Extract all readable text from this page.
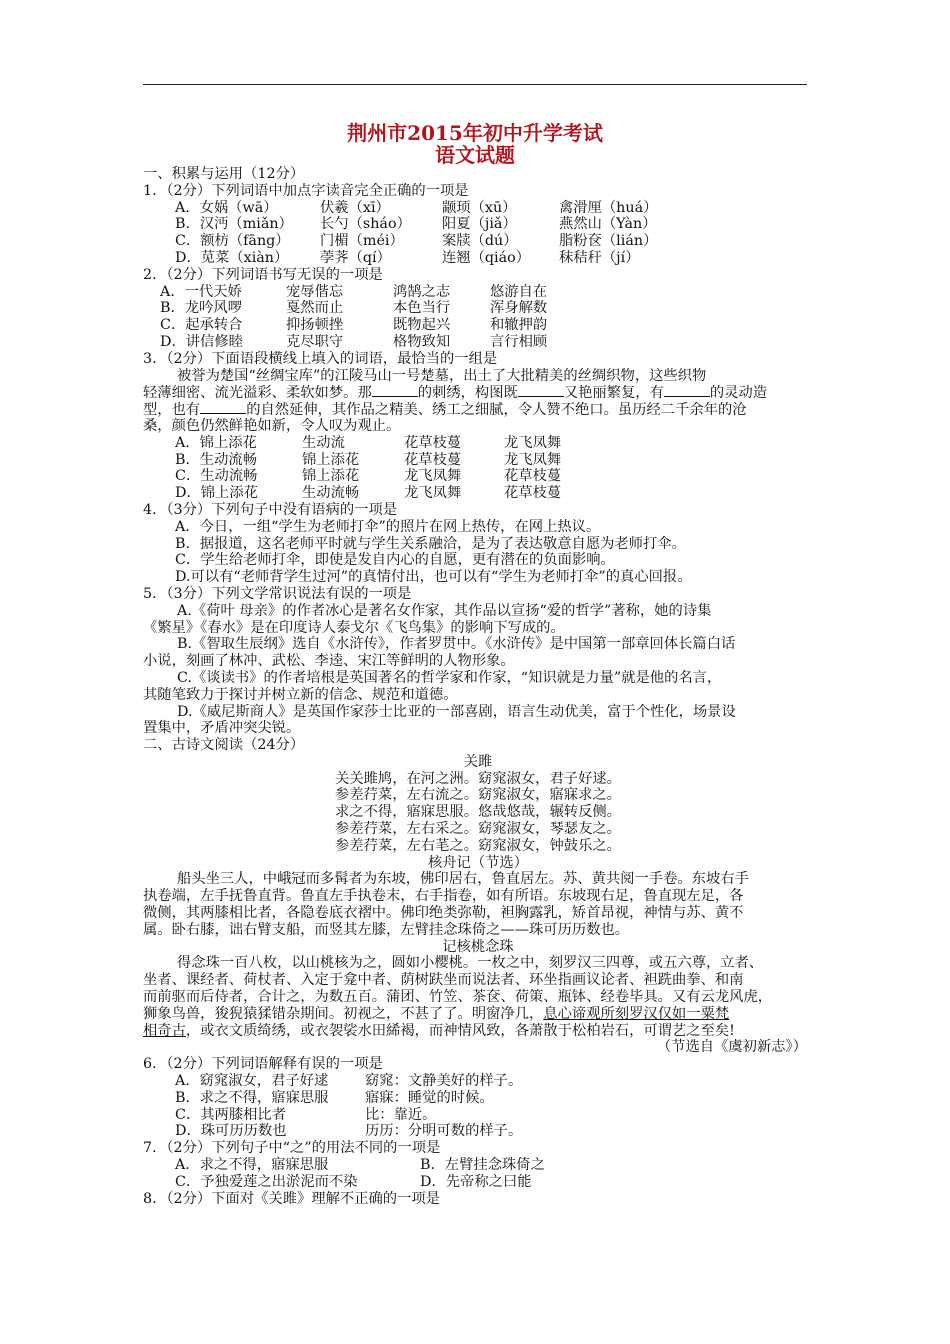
荆州市2015年初中升学考试
语文试题
一、积累与运用（12分）
1．（2分）下列词语中加点字读音完全正确的一项是
A．女娲（wā）	伏羲（xī）	颛顼（xū）	禽滑厘（huá）
B．汉沔（miǎn）	长勺（sháo）	阳夏（jiǎ）	燕然山（Yàn）
C．额枋（fāng）	门楣（méi）	案牍（dú）	脂粉奁（lián）
D．苋菜（xiàn）	荸荠（qí）	连翘（qiáo）	秣秸秆（jí）
2．（2分）下列词语书写无误的一项是
A．一代天娇	宠辱偕忘	鸿鹄之志	悠游自在
B．龙吟风啰	戛然而止	本色当行	浑身解数
C．起承转合	抑扬顿挫	既物起兴	和辙押韵
D．讲信修睦	克尽职守	格物致知	言行相顾
3．（2分）下面语段横线上填入的词语，最恰当的一组是
被誉为楚国“丝绸宝库”的江陵马山一号楚墓，出土了大批精美的丝绸织物，这些织物
轻薄细密、流光溢彩、柔软如梦。那	的刺绣，构图既	又艳丽繁复，有	的灵动造
型，也有	的自然延伸，其作品之精美、绣工之细腻，令人赞不绝口。虽历经二千余年的沧
桑，颜色仍然鲜艳如新，令人叹为观止。
A．锦上添花	生动流	花草枝蔓	龙飞凤舞
B．生动流畅	锦上添花	花草枝蔓	龙飞凤舞
C．生动流畅	锦上添花	龙飞凤舞	花草枝蔓
D．锦上添花	生动流畅	龙飞凤舞	花草枝蔓
4．（3分）下列句子中没有语病的一项是
A．今日，一组“学生为老师打伞”的照片在网上热传，在网上热议。
B．据报道，这名老师平时就与学生关系融洽，是为了表达敬意自愿为老师打伞。
C．学生给老师打伞，即使是发自内心的自愿，更有潜在的负面影响。
D.可以有“老师背学生过河”的真情付出，也可以有“学生为老师打伞”的真心回报。
5．（3分）下列文学常识说法有误的一项是
A.《荷叶 母亲》的作者冰心是著名女作家，其作品以宣扬“爱的哲学”著称，她的诗集
《繁星》《春水》是在印度诗人泰戈尔《飞鸟集》的影响下写成的。
B.《智取生辰纲》选自《水浒传》，作者罗贯中。《水浒传》是中国第一部章回体长篇白话
小说，刻画了林冲、武松、李逵、宋江等鲜明的人物形象。
C.《谈读书》的作者培根是英国著名的哲学家和作家，“知识就是力量”就是他的名言，
其随笔致力于探讨并树立新的信念、规范和道德。
D.《威尼斯商人》是英国作家莎士比亚的一部喜剧，语言生动优美，富于个性化，场景设
置集中，矛盾冲突尖锐。
二、古诗文阅读（24分）
关雎
关关雎鸠，在河之洲。窈窕淑女，君子好逑。
参差荇菜，左右流之。窈窕淑女，寤寐求之。
求之不得，寤寐思服。悠哉悠哉，辗转反侧。
参差荇菜，左右采之。窈窕淑女，琴瑟友之。
参差荇菜，左右芼之。窈窕淑女，钟鼓乐之。
核舟记（节选）
船头坐三人，中峨冠而多髯者为东坡，佛印居右，鲁直居左。苏、黄共阅一手卷。东坡右手
执卷端，左手抚鲁直背。鲁直左手执卷末，右手指卷，如有所语。东坡现右足，鲁直现左足，各
微侧，其两膝相比者，各隐卷底衣褶中。佛印绝类弥勒，袒胸露乳，矫首昂视，神情与苏、黄不
属。卧右膝，诎右臂支船，而竖其左膝，左臂挂念珠倚之——珠可历历数也。
记核桃念珠
得念珠一百八枚，以山桃核为之，圆如小樱桃。一枚之中，刻罗汉三四尊，或五六尊，立者、
坐者、课经者、荷杖者、入定于龛中者、荫树趺坐而说法者、环坐指画议论者、袒跣曲拳、和南
而前驱而后侍者，合计之，为数五百。蒲团、竹笠、茶奁、荷策、瓶钵、经卷毕具。又有云龙风虎，
狮象鸟兽，狻猊猿猱错杂期间。初视之，不甚了了。明窗净几，息心谛观所刻罗汉仅如一粟梵
相奇古，或衣文质绮绣，或衣袈裟水田絺褐，而神情风致，各萧散于松柏岩石，可谓艺之至矣!
（节选自《虞初新志》）
6．（2分）下列词语解释有误的一项是
A．窈窕淑女，君子好逑	窈窕：文静美好的样子。
B．求之不得，寤寐思服	寤寐：睡觉的时候。
C．其两膝相比者	比：靠近。
D．珠可历历数也	历历：分明可数的样子。
7．（2分）下列句子中“之”的用法不同的一项是
A．求之不得，寤寐思服	B．左臂挂念珠倚之
C．予独爱莲之出淤泥而不染	D．先帝称之曰能
8．（2分）下面对《关雎》理解不正确的一项是
